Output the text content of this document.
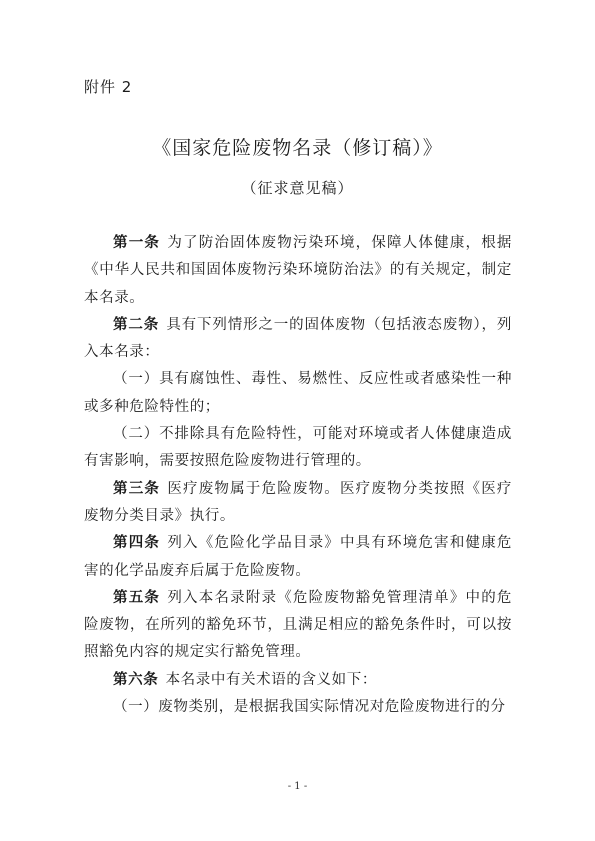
附件 2
《国家危险废物名录（修订稿）》
（征求意见稿）

第一条 为了防治固体废物污染环境，保障人体健康，根据《中华人民共和国固体废物污染环境防治法》的有关规定，制定本名录。

第二条 具有下列情形之一的固体废物（包括液态废物），列入本名录：

（一）具有腐蚀性、毒性、易燃性、反应性或者感染性一种或多种危险特性的；

（二）不排除具有危险特性，可能对环境或者人体健康造成有害影响，需要按照危险废物进行管理的。

第三条 医疗废物属于危险废物。医疗废物分类按照《医疗废物分类目录》执行。

第四条 列入《危险化学品目录》中具有环境危害和健康危害的化学品废弃后属于危险废物。

第五条 列入本名录附录《危险废物豁免管理清单》中的危险废物，在所列的豁免环节，且满足相应的豁免条件时，可以按照豁免内容的规定实行豁免管理。

第六条 本名录中有关术语的含义如下：

（一）废物类别，是根据我国实际情况对危险废物进行的分

- 1 -
